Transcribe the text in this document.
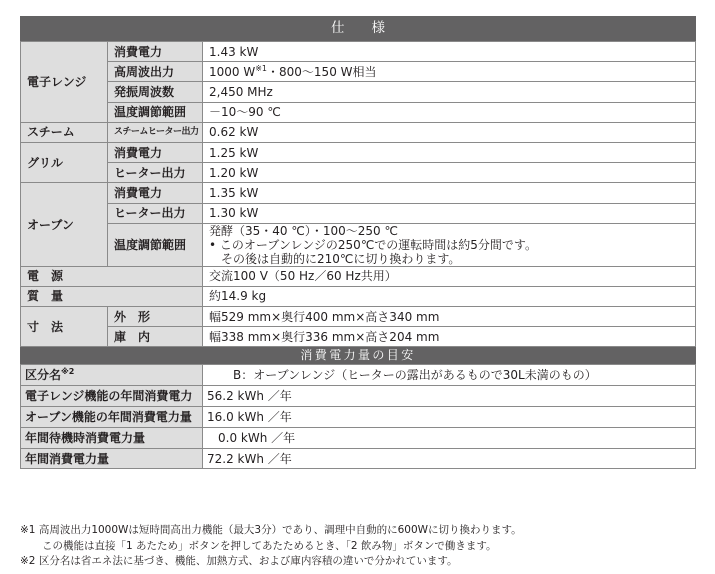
仕　様
電子レンジ	消費電力	1.43 kW
	高周波出力	1000 $W^{※1}$・800～150 W相当
	発振周波数	2,450 MHz
	温度調節範囲	－10～90 ℃
スチーム	スチームヒーター出力	0.62 kW
グリル	消費電力	1.25 kW
	ヒーター出力	1.20 kW
オーブン	消費電力	1.35 kW
	ヒーター出力	1.30 kW
	温度調節範囲	発酵（35・40 ℃）・100～250 ℃
• このオーブンレンジの250℃での運転時間は約5分間です。
その後は自動的に210℃に切り換わります。

電　源		交流100 V（50 Hz／60 Hz共用）
質　量		約14.9 kg
寸　法	外　形	幅529 mm×奥行400 mm×高さ340 mm
	庫　内	幅338 mm×奥行336 mm×高さ204 mm
消費電力量の目安
区分名$^{※2}$	B：オーブンレンジ（ヒーターの露出があるもので30L未満のもの）
電子レンジ機能の年間消費電力	56.2 kWh ／年
オーブン機能の年間消費電力量	16.0 kWh ／年
年間待機時消費電力量	0.0 kWh ／年
年間消費電力量	72.2 kWh ／年
※1 高周波出力1000Wは短時間高出力機能（最大3分）であり、調理中自動的に600Wに切り換わります。
この機能は直接「1 あたため」ボタンを押してあたためるとき、「2 飲み物」ボタンで働きます。
※2 区分名は省エネ法に基づき、機能、加熱方式、および庫内容積の違いで分かれています。
